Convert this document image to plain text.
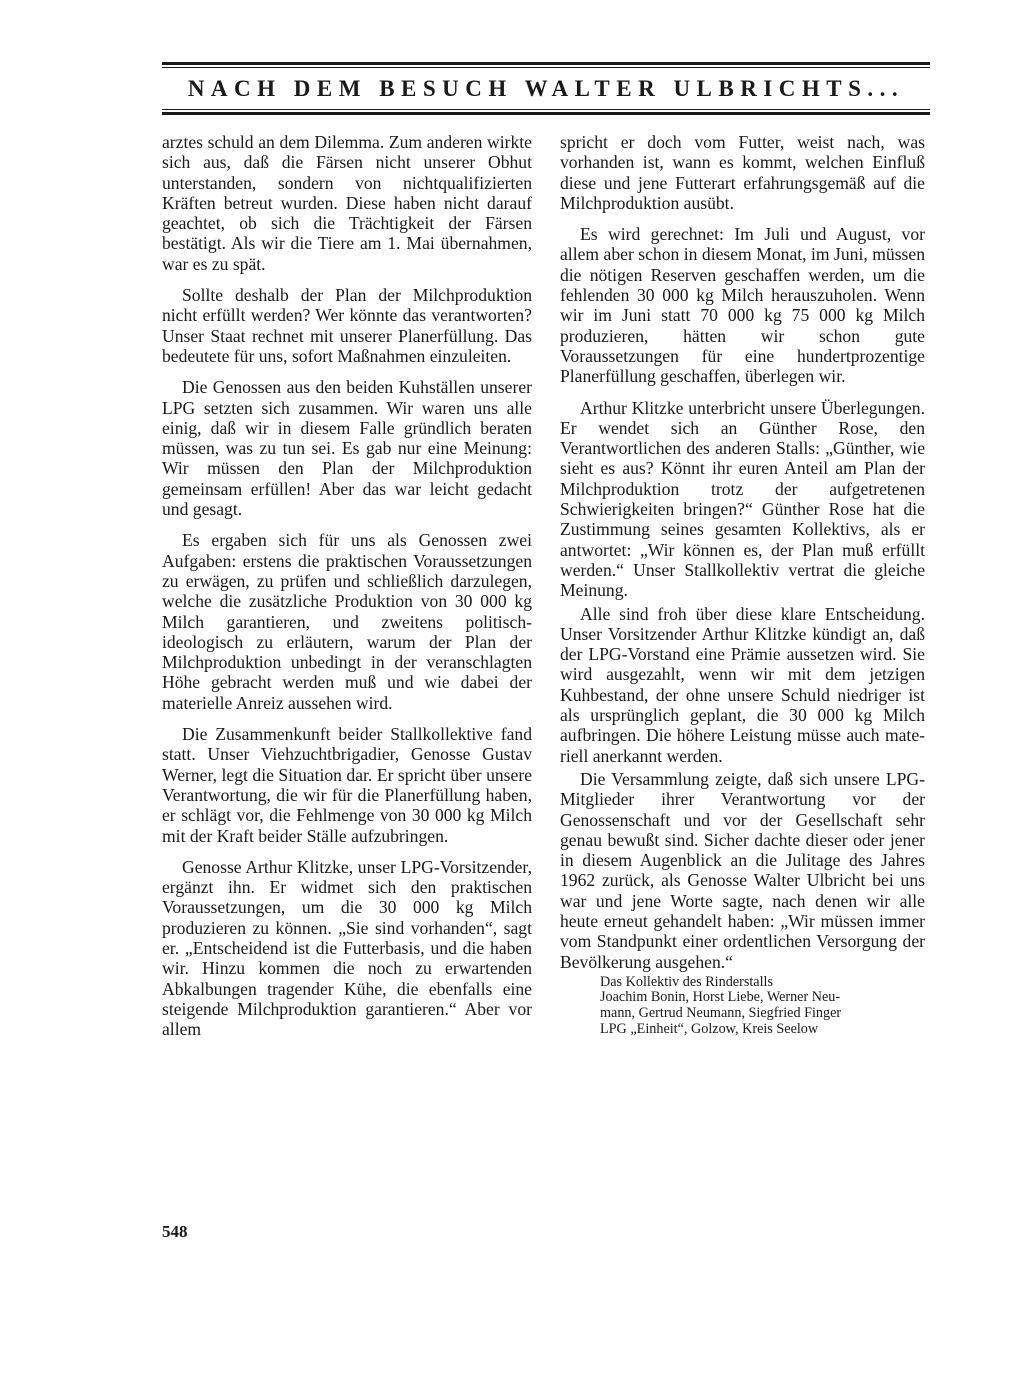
NACH DEM BESUCH WALTER ULBRICHTS...

arztes schuld an dem Dilemma. Zum anderen wirkte sich aus, daß die Färsen nicht unserer Obhut unterstanden, sondern von nichtqualifizierten Kräften betreut wurden. Diese haben nicht darauf geachtet, ob sich die Trächtigkeit der Färsen bestätigt. Als wir die Tiere am 1. Mai übernahmen, war es zu spät.

Sollte deshalb der Plan der Milchproduktion nicht erfüllt werden? Wer könnte das verantworten? Unser Staat rechnet mit unserer Planerfüllung. Das bedeutete für uns, sofort Maßnahmen einzuleiten.

Die Genossen aus den beiden Kuhställen unserer LPG setzten sich zusammen. Wir waren uns alle einig, daß wir in diesem Falle gründlich beraten müssen, was zu tun sei. Es gab nur eine Meinung: Wir müssen den Plan der Milchproduktion gemeinsam erfüllen! Aber das war leicht gedacht und gesagt.

Es ergaben sich für uns als Genossen zwei Aufgaben: erstens die praktischen Voraussetzungen zu erwägen, zu prüfen und schließlich darzulegen, welche die zusätzliche Produktion von 30 000 kg Milch garantieren, und zweitens politisch-ideologisch zu erläutern, warum der Plan der Milchproduktion unbedingt in der veranschlagten Höhe gebracht werden muß und wie dabei der materielle Anreiz aussehen wird.

Die Zusammenkunft beider Stallkollektive fand statt. Unser Viehzuchtbrigadier, Genosse Gustav Werner, legt die Situation dar. Er spricht über unsere Verantwortung, die wir für die Planerfüllung haben, er schlägt vor, die Fehlmenge von 30 000 kg Milch mit der Kraft beider Ställe aufzubringen.

Genosse Arthur Klitzke, unser LPG-Vorsitzender, ergänzt ihn. Er widmet sich den praktischen Voraussetzungen, um die 30 000 kg Milch produzieren zu können. „Sie sind vorhanden“, sagt er. „Entscheidend ist die Futterbasis, und die haben wir. Hinzu kommen die noch zu erwartenden Abkalbungen tragender Kühe, die ebenfalls eine steigende Milchproduktion garantieren.“ Aber vor allem

spricht er doch vom Futter, weist nach, was vorhanden ist, wann es kommt, welchen Einfluß diese und jene Futterart erfahrungsgemäß auf die Milchproduktion ausübt.

Es wird gerechnet: Im Juli und August, vor allem aber schon in diesem Monat, im Juni, müssen die nötigen Reserven geschaffen werden, um die fehlenden 30 000 kg Milch herauszuholen. Wenn wir im Juni statt 70 000 kg 75 000 kg Milch produzieren, hätten wir schon gute Voraussetzungen für eine hundertprozentige Planerfüllung geschaffen, überlegen wir.

Arthur Klitzke unterbricht unsere Überlegungen. Er wendet sich an Günther Rose, den Verantwortlichen des anderen Stalls: „Günther, wie sieht es aus? Könnt ihr euren Anteil am Plan der Milchproduktion trotz der aufgetretenen Schwierigkeiten bringen?“ Günther Rose hat die Zustimmung seines gesamten Kollektivs, als er antwortet: „Wir können es, der Plan muß erfüllt werden.“ Unser Stallkollektiv vertrat die gleiche Meinung.

Alle sind froh über diese klare Entscheidung. Unser Vorsitzender Arthur Klitzke kündigt an, daß der LPG-Vorstand eine Prämie aussetzen wird. Sie wird ausgezahlt, wenn wir mit dem jetzigen Kuhbestand, der ohne unsere Schuld niedriger ist als ursprünglich geplant, die 30 000 kg Milch aufbringen. Die höhere Leistung müsse auch materiell anerkannt werden.

Die Versammlung zeigte, daß sich unsere LPG-Mitglieder ihrer Verantwortung vor der Genossenschaft und vor der Gesellschaft sehr genau bewußt sind. Sicher dachte dieser oder jener in diesem Augenblick an die Julitage des Jahres 1962 zurück, als Genosse Walter Ulbricht bei uns war und jene Worte sagte, nach denen wir alle heute erneut gehandelt haben: „Wir müssen immer vom Standpunkt einer ordentlichen Versorgung der Bevölkerung ausgehen.“

Das Kollektiv des Rinderstalls
Joachim Bonin, Horst Liebe, Werner Neu-
mann, Gertrud Neumann, Siegfried Finger
LPG „Einheit“, Golzow, Kreis Seelow
548
